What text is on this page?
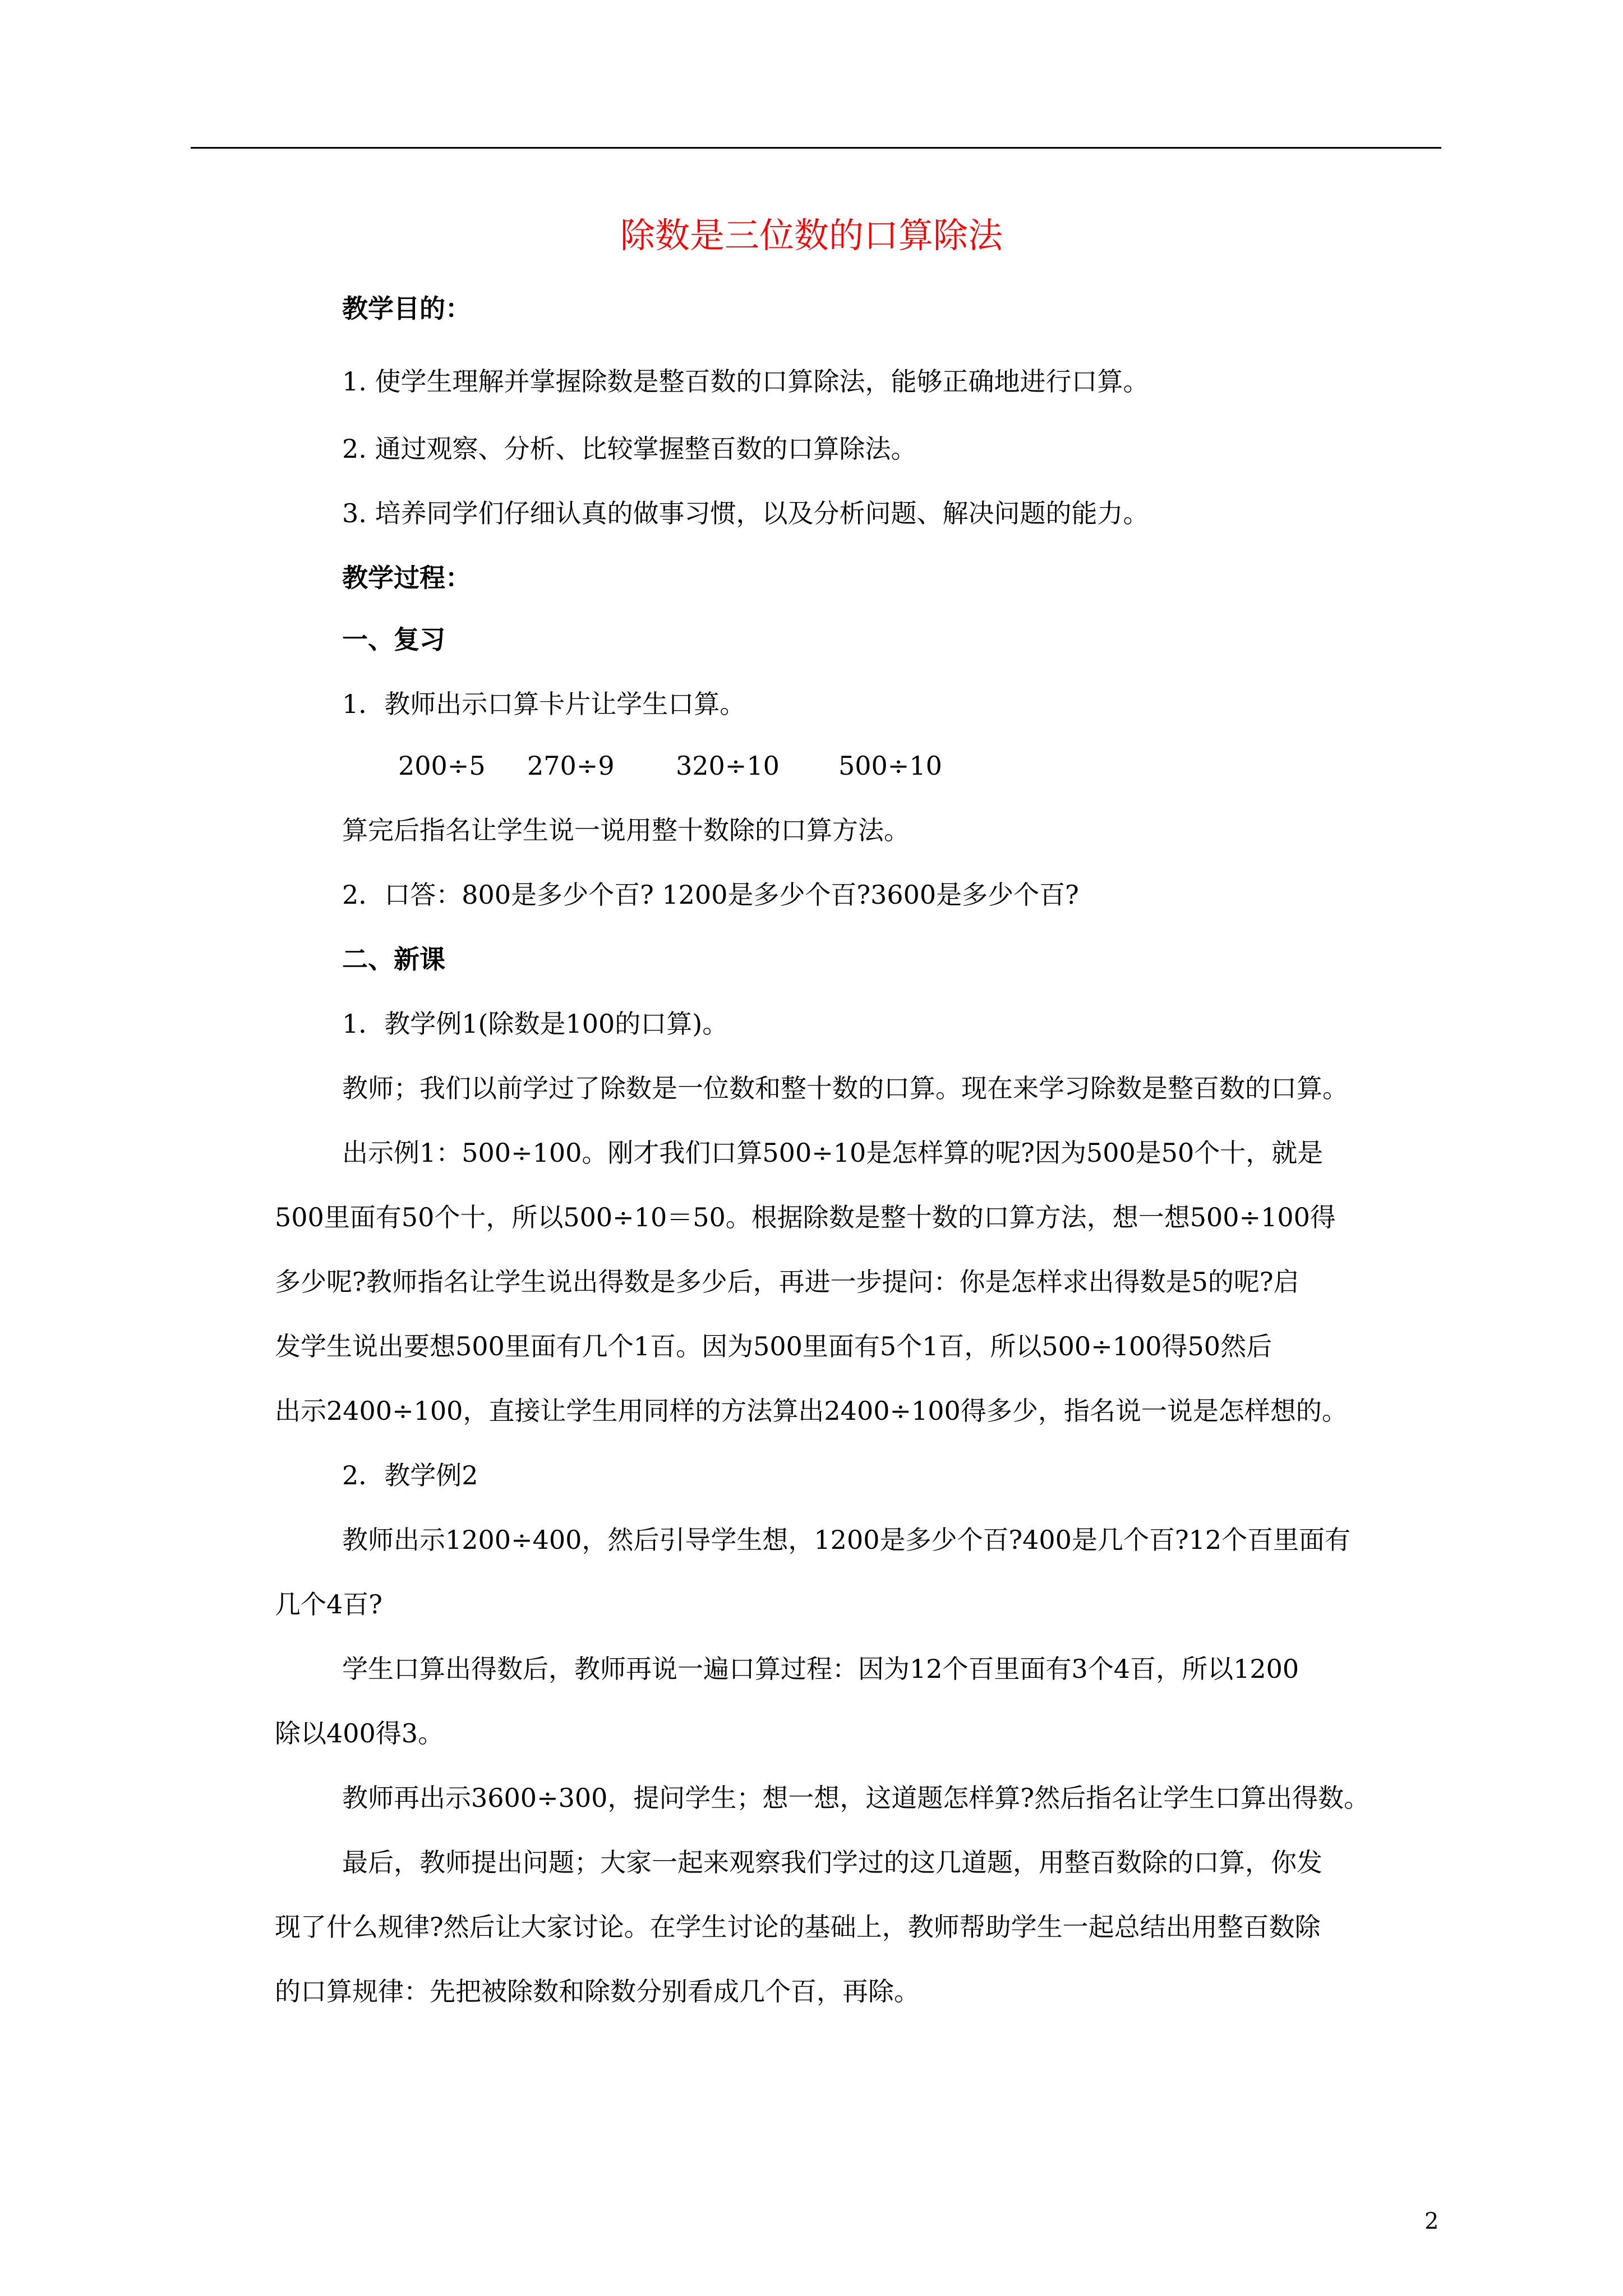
除数是三位数的口算除法

教学目的：

1. 使学生理解并掌握除数是整百数的口算除法，能够正确地进行口算。

2. 通过观察、分析、比较掌握整百数的口算除法。

3. 培养同学们仔细认真的做事习惯，以及分析问题、解决问题的能力。

教学过程：

一、复习

1．教师出示口算卡片让学生口算。

200÷5 270÷9 320÷10 500÷10

算完后指名让学生说一说用整十数除的口算方法。

2．口答：800是多少个百? 1200是多少个百?3600是多少个百?

二、新课

1．教学例1(除数是100的口算)。

教师；我们以前学过了除数是一位数和整十数的口算。现在来学习除数是整百数的口算。

出示例1：500÷100。刚才我们口算500÷10是怎样算的呢?因为500是50个十，就是

500里面有50个十，所以500÷10＝50。根据除数是整十数的口算方法，想一想500÷100得

多少呢?教师指名让学生说出得数是多少后，再进一步提问：你是怎样求出得数是5的呢?启

发学生说出要想500里面有几个1百。因为500里面有5个1百，所以500÷100得50然后

出示2400÷100，直接让学生用同样的方法算出2400÷100得多少，指名说一说是怎样想的。

2．教学例2

教师出示1200÷400，然后引导学生想，1200是多少个百?400是几个百?12个百里面有

几个4百?

学生口算出得数后，教师再说一遍口算过程：因为12个百里面有3个4百，所以1200

除以400得3。

教师再出示3600÷300，提问学生；想一想，这道题怎样算?然后指名让学生口算出得数。

最后，教师提出问题；大家一起来观察我们学过的这几道题，用整百数除的口算，你发

现了什么规律?然后让大家讨论。在学生讨论的基础上，教师帮助学生一起总结出用整百数除

的口算规律：先把被除数和除数分别看成几个百，再除。

2
